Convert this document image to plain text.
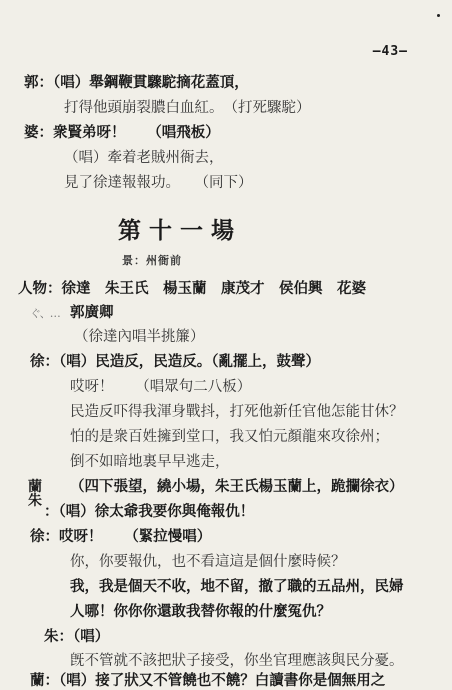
—43—
郭：（唱）舉鋼鞭貫驟駝摘花蓋頂，
打得他頭崩裂膿白血紅。　（打死驟駝）
婆：衆賢弟呀！　　（唱飛板）
（唱）牽着老賊州衙去，
見了徐達報報功。　　（同下）
第十一場
景：州衙前
人物：徐達　朱王氏　楊玉蘭　康茂才　侯伯興　花婆
ぐ、… 郭廣卿
（徐達內唱半挑簾）
徐：（唱）民造反，民造反。（亂擺上，鼓聲）
哎呀！　　（唱眾句二八板）
民造反吓得我渾身戰抖，打死他新任官他怎能甘休？
怕的是衆百姓擁到堂口，我又怕元顏龍來攻徐州；
倒不如暗地裏早早逃走，
（四下張望，繞小場，朱王氏楊玉蘭上，跪攔徐衣）
蘭
朱
：（唱）徐太爺我要你與俺報仇！
徐：哎呀！　　（緊拉慢唱）
你，你要報仇，也不看這這是個什麼時候？
我，我是個天不收，地不留，撤了職的五品州，民婦
人哪！你你你還敢我替你報的什麼冤仇？
朱：（唱）
旣不管就不該把狀子接受，你坐官理應該與民分憂。
蘭：（唱）接了狀又不管饒也不饒？白讀書你是個無用之
